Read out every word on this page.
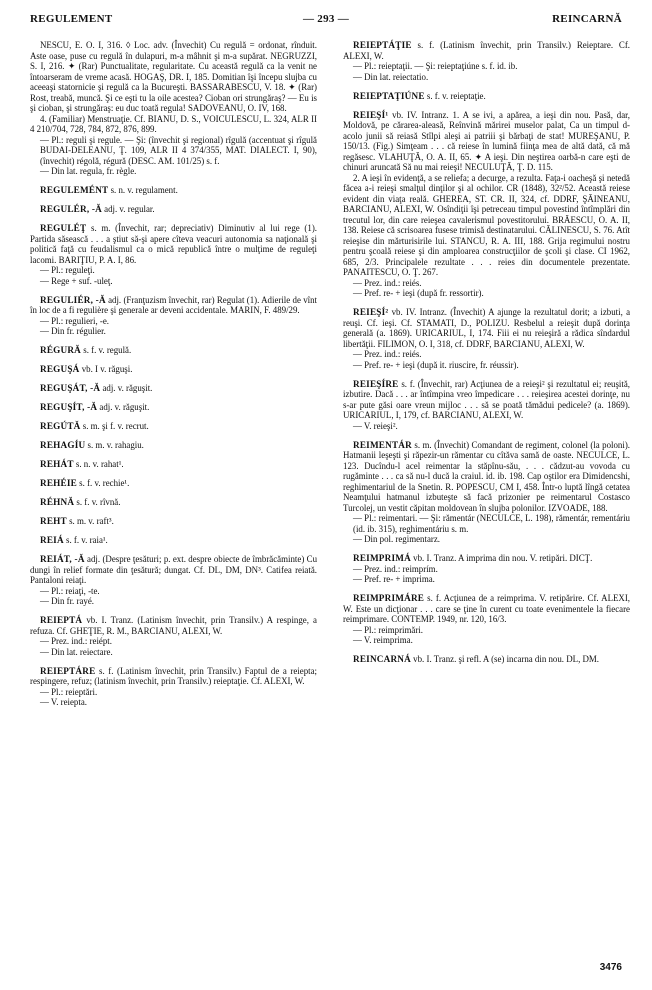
REGULEMENT	— 293 —	REINCARNĂ

NESCU, E. O. I, 316. ◊ Loc. adv. (Învechit) Cu regulă = ordonat, rînduit. Aste oase, puse cu regulă în dulapuri, m-a mâhnit şi m-a supărat. NEGRUZZI, S. I, 216. ✦ (Rar) Punctualitate, regularitate. Cu această regulă ca la venit ne întoarseram de vreme acasă. HOGAŞ, DR. I, 185. Domitian îşi începu slujba cu aceeaşi statornicie şi regulă ca la Bucureşti. BASSARABESCU, V. 18. ✦ (Rar) Rost, treabă, muncă. Şi ce eşti tu la oile acestea? Cioban ori strungăraş? — Eu is şi cioban, şi strungăraş: eu duc toată regula! SADOVEANU, O. IV, 168.

4. (Familiar) Menstruaţie. Cf. BIANU, D. S., VOICULESCU, L. 324, ALR II 4 210/704, 728, 784, 872, 876, 899.

— Pl.: reguli şi regule. — Şi: (învechit şi regional) rîgulă (accentuat şi rîgulă BUDAI-DELEANU, Ţ. 109, ALR II 4 374/355, MAT. DIALECT. I, 90), (învechit) régolă, régură (DESC. AM. 101/25) s. f.

— Din lat. regula, fr. règle.

REGULEMÉNT s. n. v. regulament.

REGULÉR, -Ă adj. v. regular.

REGULÉŢ s. m. (Învechit, rar; depreciativ) Diminutiv al lui rege (1). Partida săsească . . . a ştiut să-şi apere cîteva veacuri autonomia sa naţională şi politică faţă cu feudalismul ca o mică republică între o mulţime de reguleţi lacomi. BARIŢIU, P. A. I, 86.

— Pl.: reguleţi.

— Rege + suf. -uleţ.

REGULIÉR, -Ă adj. (Franţuzism învechit, rar) Regulat (1). Adierile de vînt în loc de a fi regulière şi generale ar deveni accidentale. MARIN, F. 489/29.

— Pl.: regulieri, -e.

— Din fr. régulier.

RÉGURĂ s. f. v. regulă.

REGUŞÁ vb. I v. răguşi.

REGUŞÁT, -Ă adj. v. răguşit.

REGUŞÍT, -Ă adj. v. răguşit.

REGÚTĂ s. m. şi f. v. recrut.

REHAGÍU s. m. v. rahagiu.

REHÁT s. n. v. rahat¹.

REHÉIE s. f. v. rechie¹.

RÉHNĂ s. f. v. rîvnă.

REHT s. m. v. raft³.

REIÁ s. f. v. raia¹.

REIÁT, -Ă adj. (Despre ţesături; p. ext. despre obiecte de îmbrăcăminte) Cu dungi în relief formate din ţesătură; dungat. Cf. DL, DM, DN³. Catifea reiată. Pantaloni reiaţi.

— Pl.: reiaţi, -te.

— Din fr. rayé.

REIEPTÁ vb. I. Tranz. (Latinism învechit, prin Transilv.) A respinge, a refuza. Cf. GHEŢIE, R. M., BARCIANU, ALEXI, W.

— Prez. ind.: reiépt.

— Din lat. reiectare.

REIEPTÁRE s. f. (Latinism învechit, prin Transilv.) Faptul de a reiepta; respingere, refuz; (latinism învechit, prin Transilv.) reieptaţie. Cf. ALEXI, W.

— Pl.: reieptări.

— V. reiepta.

REIEPTÁŢIE s. f. (Latinism învechit, prin Transilv.) Reieptare. Cf. ALEXI, W.

— Pl.: reieptaţii. — Şi: reieptaţiúne s. f. id. ib.

— Din lat. reiectatio.

REIEPTAŢIÚNE s. f. v. reieptaţie.

REIEŞÍ¹ vb. IV. Intranz. 1. A se ivi, a apărea, a ieşi din nou. Pasă, dar, Moldovă, pe cărarea-aleasă, Reînvină mărirei muselor palat, Ca un timpul d-acolo junii să reiasă Stîlpi aleşi ai patriii şi bărbaţi de stat! MUREŞANU, P. 150/13. (Fig.) Simţeam . . . că reiese în lumină fiinţa mea de altă dată, că mă regăsesc. VLAHUŢĂ, O. A. II, 65. ✦ A ieşi. Din neştirea oarbă-n care eşti de chinuri aruncată Să nu mai reieşi! NECULUŢĂ, Ţ. D. 115.

2. A ieşi în evidenţă, a se reliefa; a decurge, a rezulta. Faţa-i oacheşă şi netedă făcea a-i reieşi smalţul dinţilor şi al ochilor. CR (1848), 32²/52. Această reiese evident din viaţa reală. GHEREA, ST. CR. II, 324, cf. DDRF, ŞĂINEANU, BARCIANU, ALEXI, W. Osîndiţii îşi petreceau timpul povestind întîmplări din trecutul lor, din care reieşea cavalerismul povestitorului. BRĂESCU, O. A. II, 138. Reiese că scrisoarea fusese trimisă destinatarului. CĂLINESCU, S. 76. Atît reieşise din mărturisirile lui. STANCU, R. A. III, 188. Grija regimului nostru pentru şcoală reiese şi din amploarea construcţiilor de şcoli şi clase. CI 1962, 685, 2/3. Principalele rezultate . . . reies din documentele prezentate. PANAITESCU, O. Ţ. 267.

— Prez. ind.: reiés.

— Pref. re- + ieşi (după fr. ressortir).

REIEŞÍ² vb. IV. Intranz. (Învechit) A ajunge la rezultatul dorit; a izbuti, a reuşi. Cf. ieşi. Cf. STAMATI, D., POLIZU. Resbelul a reieşit după dorinţa generală (a. 1869). URICARIUL, I, 174. Fiii ei nu reieşiră a rădica sîndardul libertăţii. FILIMON, O. I, 318, cf. DDRF, BARCIANU, ALEXI, W.

— Prez. ind.: reiés.

— Pref. re- + ieşi (după it. riuscire, fr. réussir).

REIEŞÍRE s. f. (Învechit, rar) Acţiunea de a reieşi² şi rezultatul ei; reuşită, izbutire. Dacă . . . ar întîmpina vreo împedicare . . . reieşirea acestei dorinţe, nu s-ar pute găsi oare vreun mijloc . . . să se poată tămădui pedicele? (a. 1869). URICARIUL, I, 179, cf. BARCIANU, ALEXI, W.

— V. reieşi².

REIMENTÁR s. m. (Învechit) Comandant de regiment, colonel (la poloni). Hatmanii leşeşti şi răpezir-un rămentar cu cîtăva samă de oaste. NECULCE, L. 123. Ducîndu-l acel reimentar la stăpînu-său, . . . cădzut-au vovoda cu rugăminte . . . ca să nu-l ducă la craiul. id. ib. 198. Cap oştilor era Dimidencshi, reghimentariul de la Snetin. R. POPESCU, CM I, 458. Într-o luptă lîngă cetatea Neamţului hatmanul izbuteşte să facă prizonier pe reimentarul Costasco Turcolej, un vestit căpitan moldovean în slujba polonilor. IZVOADE, 188.

— Pl.: reimentari. — Şi: rămentár (NECULCE, L. 198), rămentár, rementáriu (id. ib. 315), reghimentáriu s. m.

— Din pol. regimentarz.

REIMPRIMÁ vb. I. Tranz. A imprima din nou. V. retipări. DICŢ.

— Prez. ind.: reimprím.

— Pref. re- + imprima.

REIMPRIMÁRE s. f. Acţiunea de a reimprima. V. retipărire. Cf. ALEXI, W. Este un dicţionar . . . care se ţine în curent cu toate evenimentele la fiecare reimprimare. CONTEMP. 1949, nr. 120, 16/3.

— Pl.: reimprimări.

— V. reimprima.

REINCARNÁ vb. I. Tranz. şi refl. A (se) incarna din nou. DL, DM.

3476
